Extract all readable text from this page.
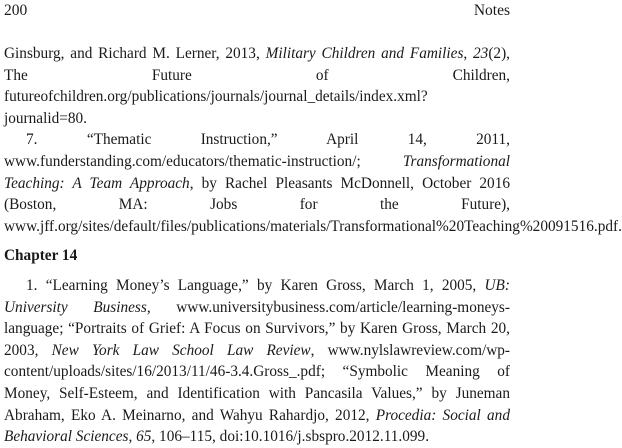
200	Notes

Ginsburg, and Richard M. Lerner, 2013, Military Children and Families, 23(2), The Future of Children, futureofchildren.org/publications/journals/journal_details/index.xml?journalid=80.

7. “Thematic Instruction,” April 14, 2011, www.funderstanding.com/educators/thematic-instruction/; Transformational Teaching: A Team Approach, by Rachel Pleasants McDonnell, October 2016 (Boston, MA: Jobs for the Future), www.jff.org/sites/default/files/publications/materials/Transformational%20Teaching%20091516.pdf.

Chapter 14

1. “Learning Money’s Language,” by Karen Gross, March 1, 2005, UB: University Business, www.universitybusiness.com/article/learning-moneys-language; “Portraits of Grief: A Focus on Survivors,” by Karen Gross, March 20, 2003, New York Law School Law Review, www.nylslawreview.com/wp-content/uploads/sites/16/2013/11/46-3.4.Gross_.pdf; “Symbolic Meaning of Money, Self-Esteem, and Identification with Pancasila Values,” by Juneman Abraham, Eko A. Meinarno, and Wahyu Rahardjo, 2012, Procedia: Social and Behavioral Sciences, 65, 106–115, doi:10.1016/j.sbspro.2012.11.099.
